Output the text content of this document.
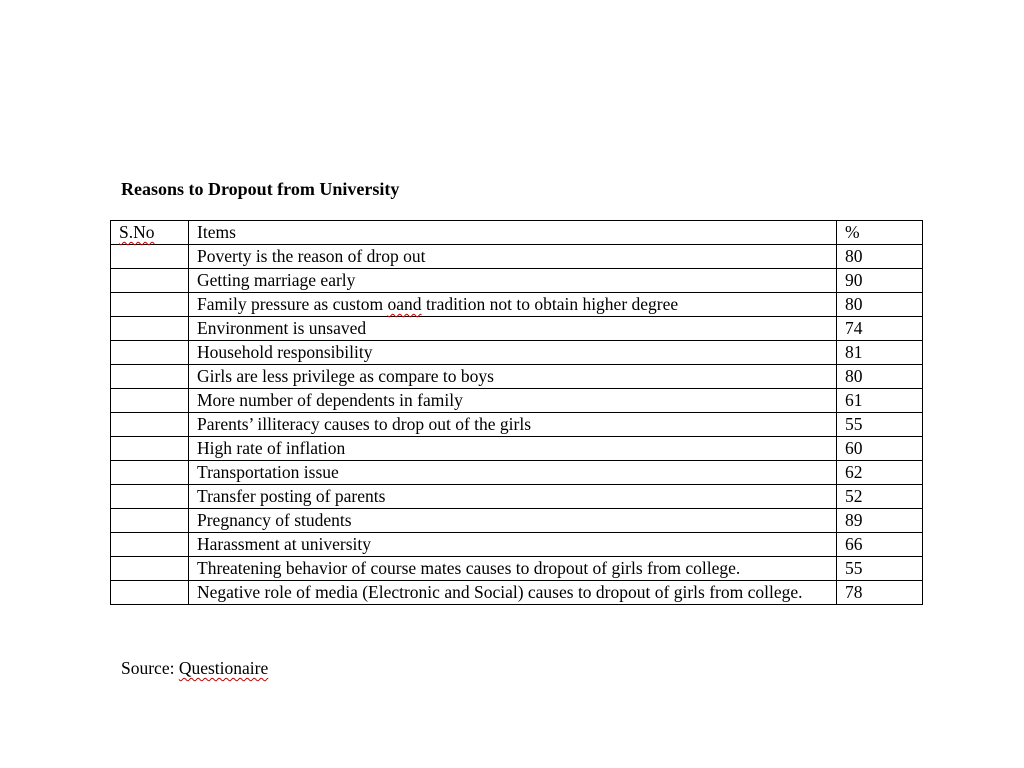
Reasons to Dropout from University
S.No	Items	%
	Poverty is the reason of drop out	80
	Getting marriage early	90
	Family pressure as custom oand tradition not to obtain higher degree	80
	Environment is unsaved	74
	Household responsibility	81
	Girls are less privilege as compare to boys	80
	More number of dependents in family	61
	Parents’ illiteracy causes to drop out of the girls	55
	High rate of inflation	60
	Transportation issue	62
	Transfer posting of parents	52
	Pregnancy of students	89
	Harassment at university	66
	Threatening behavior of course mates causes to dropout of girls from college.	55
	Negative role of media (Electronic and Social) causes to dropout of girls from college.	78
Source: Questionaire
